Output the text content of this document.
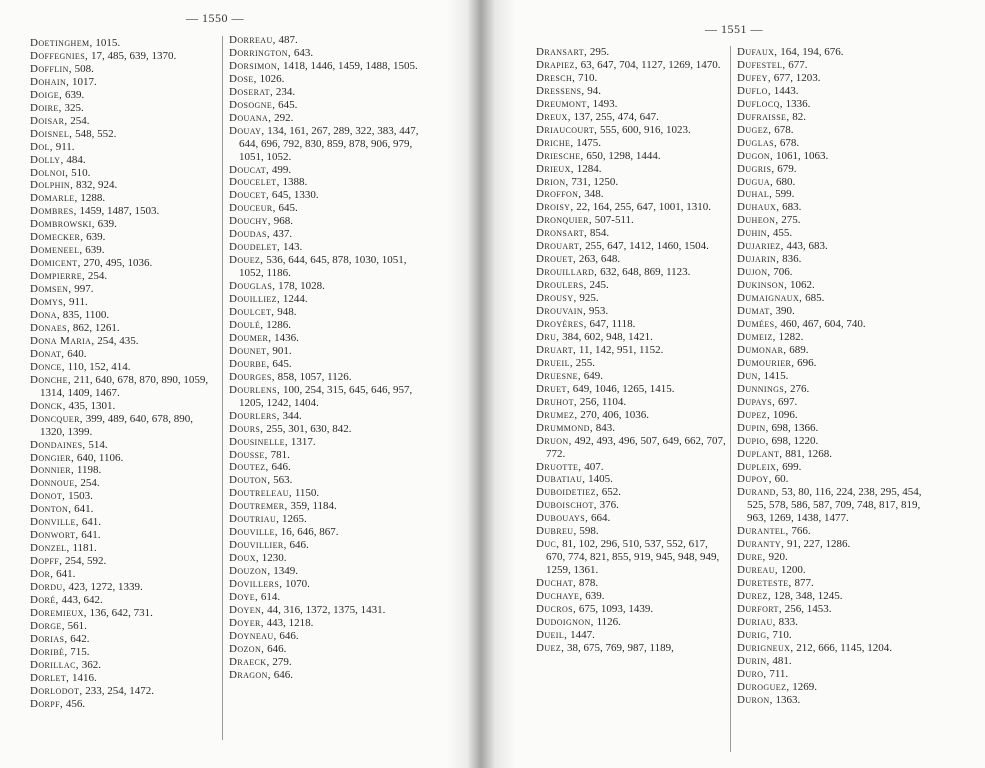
— 1550 —
Doetinghem, 1015.
Doffegnies, 17, 485, 639, 1370.
Dofflin, 508.
Dohain, 1017.
Doige, 639.
Doire, 325.
Doisar, 254.
Doisnel, 548, 552.
Dol, 911.
Dolly, 484.
Dolnoi, 510.
Dolphin, 832, 924.
Domarle, 1288.
Dombres, 1459, 1487, 1503.
Dombrowski, 639.
Domecker, 639.
Domeneel, 639.
Domicent, 270, 495, 1036.
Dompierre, 254.
Domsen, 997.
Domys, 911.
Dona, 835, 1100.
Donaes, 862, 1261.
Dona Maria, 254, 435.
Donat, 640.
Donce, 110, 152, 414.
Donche, 211, 640, 678, 870, 890, 1059, 1314, 1409, 1467.
Donck, 435, 1301.
Doncquer, 399, 489, 640, 678, 890, 1320, 1399.
Dondaines, 514.
Dongier, 640, 1106.
Donnier, 1198.
Donnoue, 254.
Donot, 1503.
Donton, 641.
Donville, 641.
Donwort, 641.
Donzel, 1181.
Dopff, 254, 592.
Dor, 641.
Dordu, 423, 1272, 1339.
Doré, 443, 642.
Doremieux, 136, 642, 731.
Dorge, 561.
Dorias, 642.
Doribé, 715.
Dorillac, 362.
Dorlet, 1416.
Dorlodot, 233, 254, 1472.
Dorpf, 456.
Dorreau, 487.
Dorrington, 643.
Dorsimon, 1418, 1446, 1459, 1488, 1505.
Dose, 1026.
Doserat, 234.
Dosogne, 645.
Douana, 292.
Douay, 134, 161, 267, 289, 322, 383, 447, 644, 696, 792, 830, 859, 878, 906, 979, 1051, 1052.
Doucat, 499.
Doucelet, 1388.
Doucet, 645, 1330.
Douceur, 645.
Douchy, 968.
Doudas, 437.
Doudelet, 143.
Douez, 536, 644, 645, 878, 1030, 1051, 1052, 1186.
Douglas, 178, 1028.
Douilliez, 1244.
Doulcet, 948.
Doulé, 1286.
Doumer, 1436.
Dounet, 901.
Dourbe, 645.
Dourges, 858, 1057, 1126.
Dourlens, 100, 254, 315, 645, 646, 957, 1205, 1242, 1404.
Dourlers, 344.
Dours, 255, 301, 630, 842.
Dousinelle, 1317.
Dousse, 781.
Doutez, 646.
Douton, 563.
Doutreleau, 1150.
Doutremer, 359, 1184.
Doutriau, 1265.
Douville, 16, 646, 867.
Douvillier, 646.
Doux, 1230.
Douzon, 1349.
Dovillers, 1070.
Doye, 614.
Doyen, 44, 316, 1372, 1375, 1431.
Doyer, 443, 1218.
Doyneau, 646.
Dozon, 646.
Draeck, 279.
Dragon, 646.
— 1551 —
Dransart, 295.
Drapiez, 63, 647, 704, 1127, 1269, 1470.
Dresch, 710.
Dressens, 94.
Dreumont, 1493.
Dreux, 137, 255, 474, 647.
Driaucourt, 555, 600, 916, 1023.
Driche, 1475.
Driesche, 650, 1298, 1444.
Drieux, 1284.
Drion, 731, 1250.
Droffon, 348.
Droisy, 22, 164, 255, 647, 1001, 1310.
Dronquier, 507-511.
Dronsart, 854.
Drouart, 255, 647, 1412, 1460, 1504.
Drouet, 263, 648.
Drouillard, 632, 648, 869, 1123.
Droulers, 245.
Drousy, 925.
Drouvain, 953.
Droyères, 647, 1118.
Dru, 384, 602, 948, 1421.
Druart, 11, 142, 951, 1152.
Drueil, 255.
Druesne, 649.
Druet, 649, 1046, 1265, 1415.
Druhot, 256, 1104.
Drumez, 270, 406, 1036.
Drummond, 843.
Druon, 492, 493, 496, 507, 649, 662, 707, 772.
Druotte, 407.
Dubatiau, 1405.
Duboidetiez, 652.
Duboischot, 376.
Dubouays, 664.
Dubreu, 598.
Duc, 81, 102, 296, 510, 537, 552, 617, 670, 774, 821, 855, 919, 945, 948, 949, 1259, 1361.
Duchat, 878.
Duchaye, 639.
Ducros, 675, 1093, 1439.
Dudoignon, 1126.
Dueil, 1447.
Duez, 38, 675, 769, 987, 1189,
Dufaux, 164, 194, 676.
Dufestel, 677.
Dufey, 677, 1203.
Duflo, 1443.
Duflocq, 1336.
Dufraisse, 82.
Dugez, 678.
Duglas, 678.
Dugon, 1061, 1063.
Dugris, 679.
Dugua, 680.
Duhal, 599.
Duhaux, 683.
Duheon, 275.
Duhin, 455.
Dujariez, 443, 683.
Dujarin, 836.
Dujon, 706.
Dukinson, 1062.
Dumaignaux, 685.
Dumat, 390.
Dumées, 460, 467, 604, 740.
Dumeiz, 1282.
Dumonar, 689.
Dumourier, 696.
Dun, 1415.
Dunnings, 276.
Dupays, 697.
Dupez, 1096.
Dupin, 698, 1366.
Dupio, 698, 1220.
Duplant, 881, 1268.
Dupleix, 699.
Dupoy, 60.
Durand, 53, 80, 116, 224, 238, 295, 454, 525, 578, 586, 587, 709, 748, 817, 819, 963, 1269, 1438, 1477.
Durantel, 766.
Duranty, 91, 227, 1286.
Dure, 920.
Dureau, 1200.
Dureteste, 877.
Durez, 128, 348, 1245.
Durfort, 256, 1453.
Duriau, 833.
Durig, 710.
Durigneux, 212, 666, 1145, 1204.
Durin, 481.
Duro, 711.
Duroguez, 1269.
Duron, 1363.
